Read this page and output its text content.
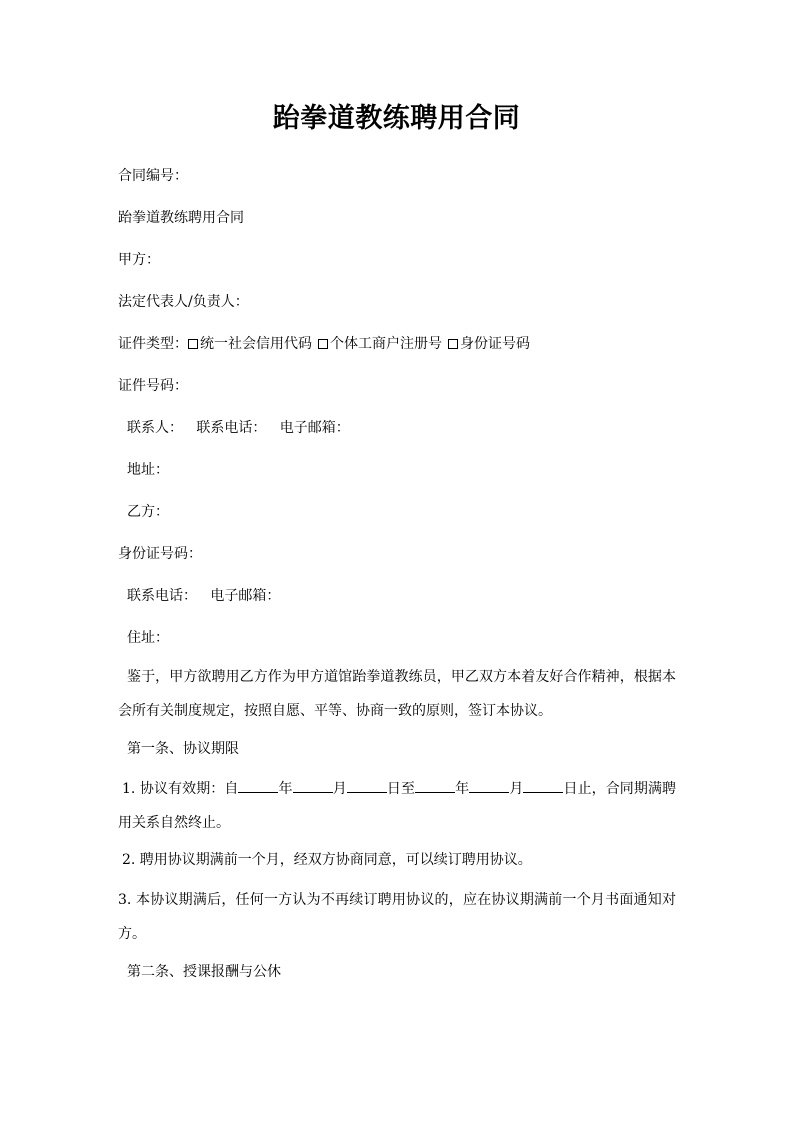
跆拳道教练聘用合同
合同编号：
跆拳道教练聘用合同
甲方：
法定代表人/负责人：
证件类型： 统一社会信用代码 个体工商户注册号 身份证号码
证件号码：
联系人： 联系电话： 电子邮箱：
地址：
乙方：
身份证号码：
联系电话： 电子邮箱：
住址：
鉴于，甲方欲聘用乙方作为甲方道馆跆拳道教练员，甲乙双方本着友好合作精神，根据本会所有关制度规定，按照自愿、平等、协商一致的原则，签订本协议。
第一条、协议期限
1. 协议有效期：自	年	月	日至	年	月	日止，合同期满聘用关系自然终止。
2. 聘用协议期满前一个月，经双方协商同意，可以续订聘用协议。
3. 本协议期满后，任何一方认为不再续订聘用协议的，应在协议期满前一个月书面通知对方。
第二条、授课报酬与公休
